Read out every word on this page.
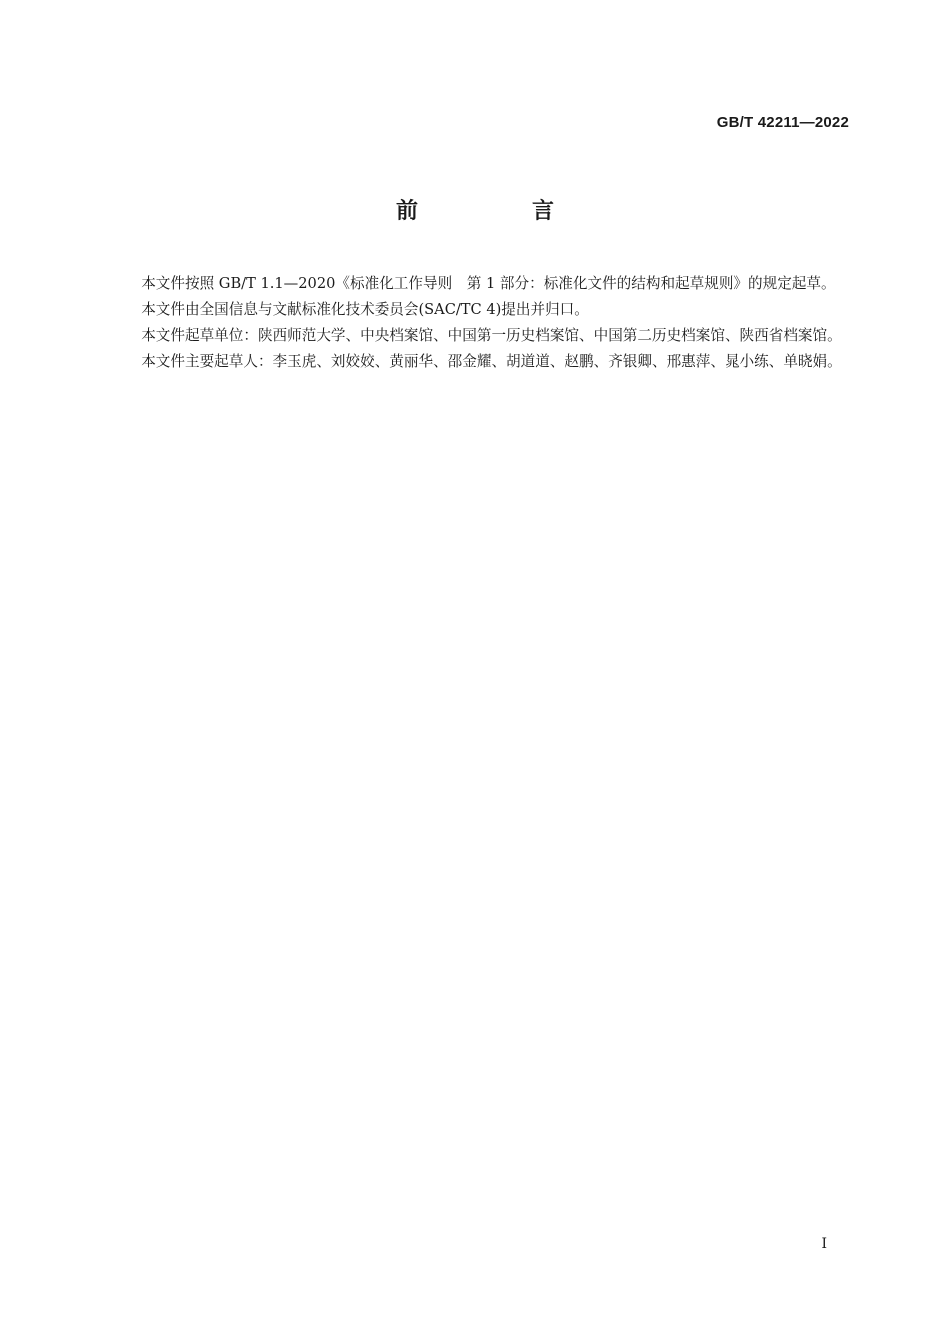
GB/T 42211—2022

前　言

本文件按照 GB/T 1.1—2020《标准化工作导则　第 1 部分：标准化文件的结构和起草规则》的规定起草。

本文件由全国信息与文献标准化技术委员会(SAC/TC 4)提出并归口。

本文件起草单位：陕西师范大学、中央档案馆、中国第一历史档案馆、中国第二历史档案馆、陕西省档案馆。

本文件主要起草人：李玉虎、刘姣姣、黄丽华、邵金耀、胡道道、赵鹏、齐银卿、邢惠萍、晁小练、单晓娟。

Ⅰ
